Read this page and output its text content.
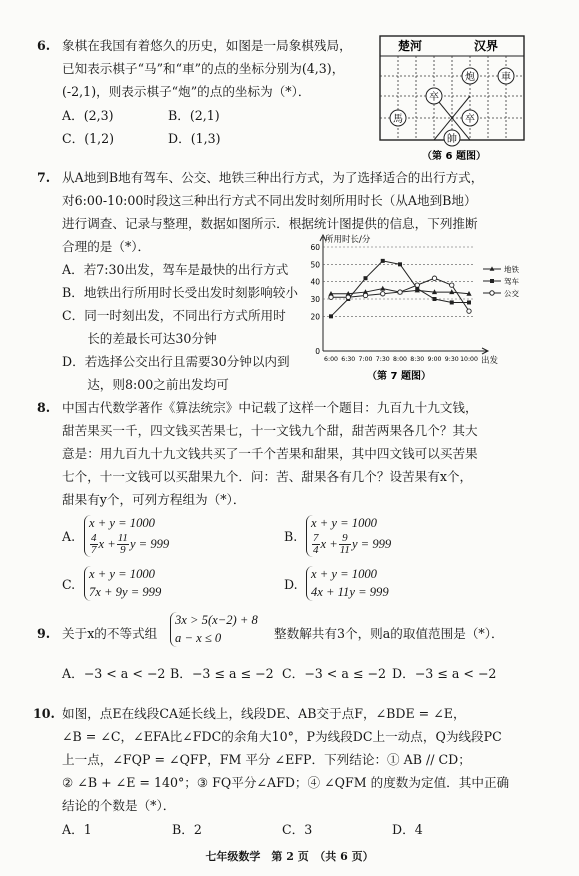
6. 象棋在我国有着悠久的历史，如图是一局象棋残局，
已知表示棋子“马”和“車”的点的坐标分别为(4,3)，
(-2,1)，则表示棋子“炮”的点的坐标为（*）．
A．(2,3)	B．(2,1)
C．(1,2)	D．(1,3)
楚河	汉界
炮	車
卒
馬	卒
帥
（第 6 题图）
7. 从A地到B地有驾车、公交、地铁三种出行方式，为了选择适合的出行方式，
对6:00-10:00时段这三种出行方式不同出发时刻所用时长（从A地到B地）
进行调查、记录与整理，数据如图所示．根据统计图提供的信息，下列推断
合理的是（*）．
A．若7:30出发，驾车是最快的出行方式
B．地铁出行所用时长受出发时刻影响较小
C．同一时刻出发，不同出行方式所用时
　　长的差最长可达30分钟
D．若选择公交出行且需要30分钟以内到
　　达，则8:00之前出发均可
所用时长/分
出发
0
20
30
40
50
60
6:00 6:30 7:00 7:30 8:00 8:30 9:00 9:30 10:00
地铁
驾车
公交
（第 7 题图）
8. 中国古代数学著作《算法统宗》中记载了这样一个题目：九百九十九文钱，
甜苦果买一千，四文钱买苦果七，十一文钱九个甜，甜苦两果各几个？其大
意是：用九百九十九文钱共买了一千个苦果和甜果，其中四文钱可以买苦果
七个，十一文钱可以买甜果九个．问：苦、甜果各有几个？设苦果有x个，
甜果有y个，可列方程组为（*）．
A.
x + y = 1000
$\frac{4}{7}$ $x + \frac{11}{9}$ y = 999	B.
x + y = 1000
$\frac{7}{4}$ $x + \frac{9}{11}$ y = 999
C.
x + y = 1000
7x + 9y = 999	D.
x + y = 1000
4x + 11y = 999
9. 关于x的不等式组
3x > 5(x−2) + 8
a − x ≤ 0	整数解共有3个，则a的取值范围是（*）．
A．−3 < a < −2 B．−3 ≤ a ≤ −2 C．−3 < a ≤ −2 D．−3 ≤ a < −2
10. 如图，点E在线段CA延长线上，线段DE、AB交于点F，∠BDE = ∠E，
∠B = ∠C，∠EFA比∠FDC的余角大10°，P为线段DC上一动点，Q为线段PC
上一点，∠FQP = ∠QFP，FM 平分 ∠EFP．下列结论：① AB // CD；
② ∠B + ∠E = 140°；③ FQ平分∠AFD；④ ∠QFM 的度数为定值．其中正确
结论的个数是（*）．
A．1	B．2	C．3	D．4
七年级数学　第 2 页　（共 6 页）
